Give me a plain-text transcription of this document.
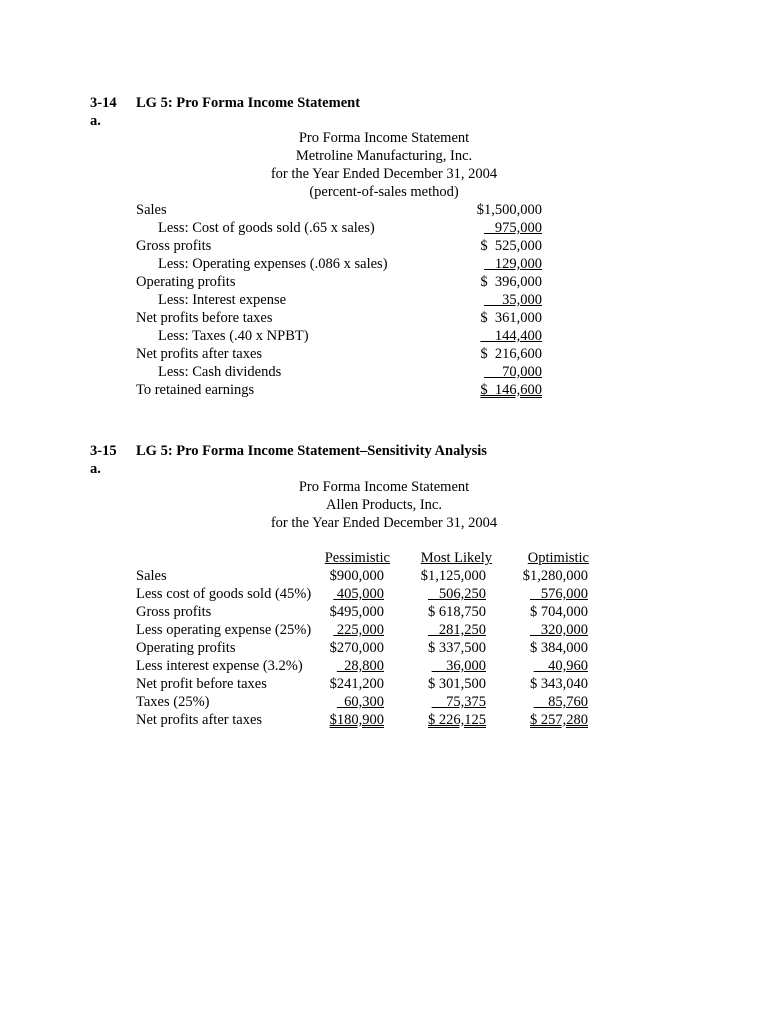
3-14 LG 5: Pro Forma Income Statement
a.
Pro Forma Income Statement
Metroline Manufacturing, Inc.
for the Year Ended December 31, 2004
(percent-of-sales method)
Sales	$1,500,000
Less: Cost of goods sold (.65 x sales)	975,000
Gross profits	$  525,000
Less: Operating expenses (.086 x sales)	129,000
Operating profits	$  396,000
Less: Interest expense	35,000
Net profits before taxes	$  361,000
Less: Taxes (.40 x NPBT)	144,400
Net profits after taxes	$  216,600
Less: Cash dividends	70,000
To retained earnings	$  146,600
3-15 LG 5: Pro Forma Income Statement–Sensitivity Analysis
a.
Pro Forma Income Statement
Allen Products, Inc.
for the Year Ended December 31, 2004
Pessimistic Most Likely Optimistic
Sales	$900,000	$1,125,000	$1,280,000
Less cost of goods sold (45%) 405,000	506,250	576,000
Gross profits	$495,000	$ 618,750	$ 704,000
Less operating expense (25%) 225,000	281,250	320,000
Operating profits	$270,000	$ 337,500	$ 384,000
Less interest expense (3.2%) 28,800	36,000	40,960
Net profit before taxes	$241,200	$ 301,500	$ 343,040
Taxes (25%)	60,300	75,375	85,760
Net profits after taxes	$180,900	$ 226,125	$ 257,280
